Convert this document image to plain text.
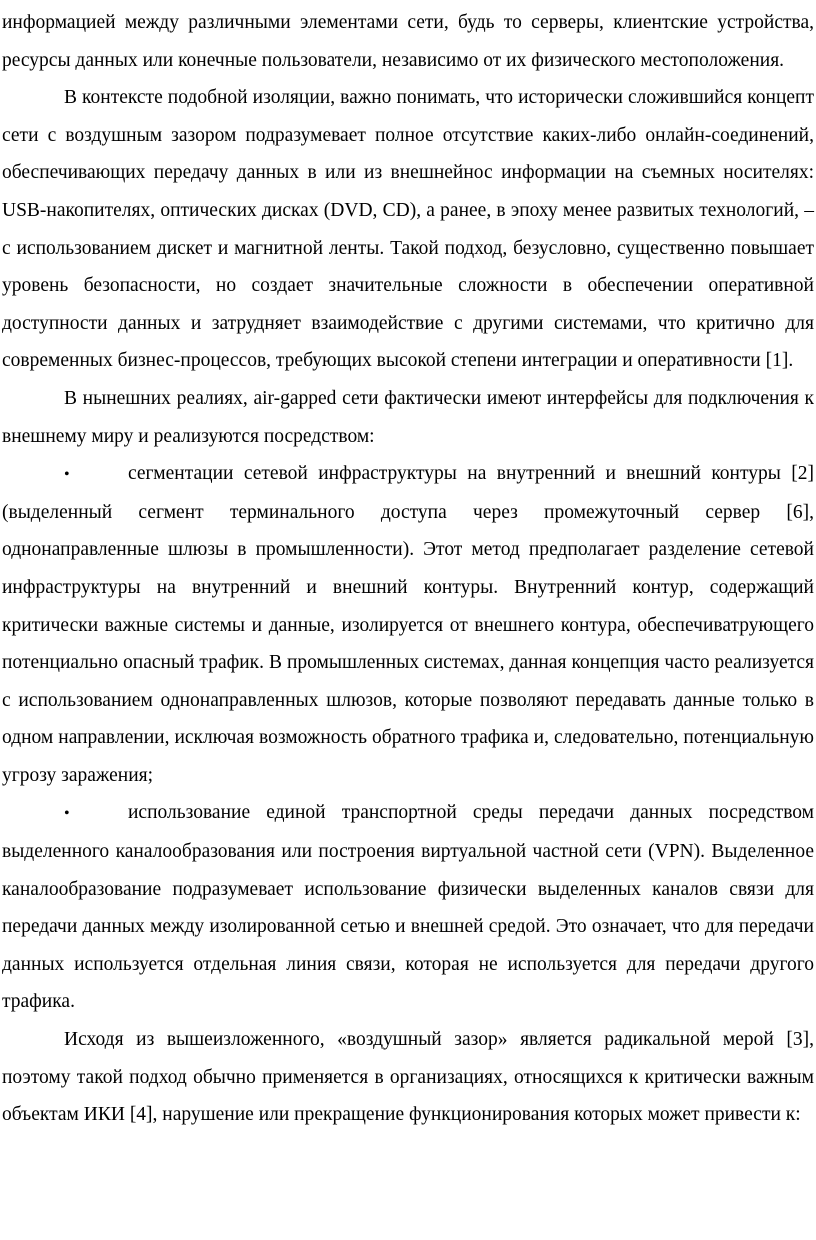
информацией между различными элементами сети, будь то серверы, клиентские устройства, ресурсы данных или конечные пользователи, независимо от их физического местоположения.

В контексте подобной изоляции, важно понимать, что исторически сложившийся концепт сети с воздушным зазором подразумевает полное отсутствие каких-либо онлайн-соединений, обеспечивающих передачу данных в или из внешнейнос информации на съемных носителях: USB-накопителях, оптических дисках (DVD, CD), а ранее, в эпоху менее развитых технологий, – с использованием дискет и магнитной ленты. Такой подход, безусловно, существенно повышает уровень безопасности, но создает значительные сложности в обеспечении оперативной доступности данных и затрудняет взаимодействие с другими системами, что критично для современных бизнес-процессов, требующих высокой степени интеграции и оперативности [1].

В нынешних реалиях, air-gapped сети фактически имеют интерфейсы для подключения к внешнему миру и реализуются посредством:

•	сегментации сетевой инфраструктуры на внутренний и внешний контуры [2] (выделенный сегмент терминального доступа через промежуточный сервер [6], однонаправленные шлюзы в промышленности). Этот метод предполагает разделение сетевой инфраструктуры на внутренний и внешний контуры. Внутренний контур, содержащий критически важные системы и данные, изолируется от внешнего контура, обеспечиватрующего потенциально опасный трафик. В промышленных системах, данная концепция часто реализуется с использованием однонаправленных шлюзов, которые позволяют передавать данные только в одном направлении, исключая возможность обратного трафика и, следовательно, потенциальную угрозу заражения;

•	использование единой транспортной среды передачи данных посредством выделенного каналообразования или построения виртуальной частной сети (VPN). Выделенное каналообразование подразумевает использование физически выделенных каналов связи для передачи данных между изолированной сетью и внешней средой. Это означает, что для передачи данных используется отдельная линия связи, которая не используется для передачи другого трафика.

Исходя из вышеизложенного, «воздушный зазор» является радикальной мерой [3], поэтому такой подход обычно применяется в организациях, относящихся к критически важным объектам ИКИ [4], нарушение или прекращение функционирования которых может привести к:
